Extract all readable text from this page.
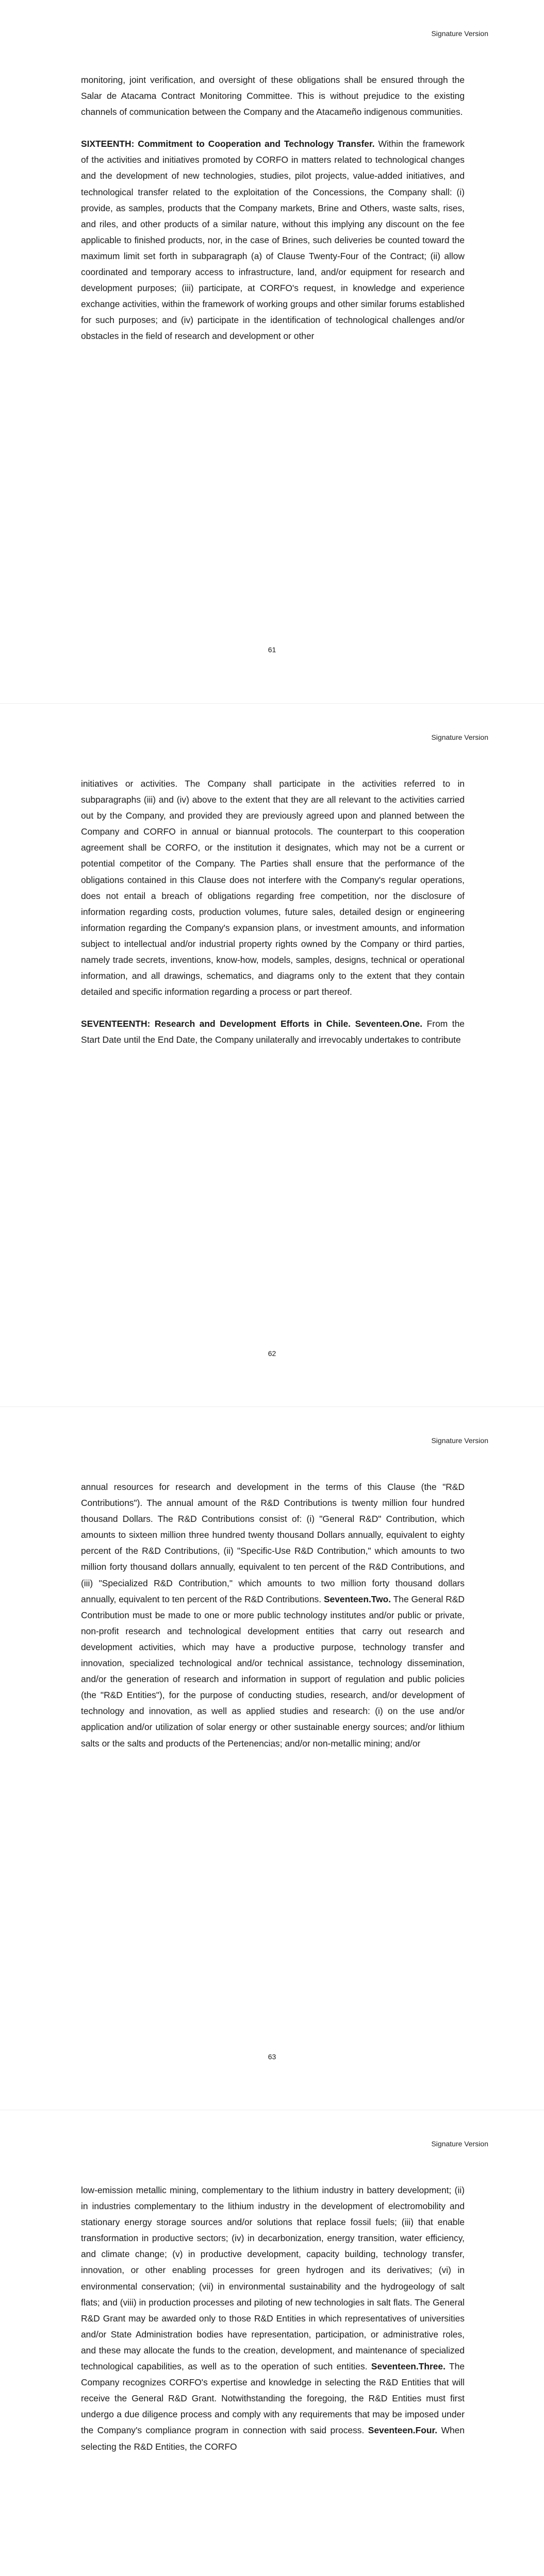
Signature Version

monitoring, joint verification, and oversight of these obligations shall be ensured through the Salar de Atacama Contract Monitoring Committee. This is without prejudice to the existing channels of communication between the Company and the Atacameño indigenous communities.

SIXTEENTH: Commitment to Cooperation and Technology Transfer. Within the framework of the activities and initiatives promoted by CORFO in matters related to technological changes and the development of new technologies, studies, pilot projects, value-added initiatives, and technological transfer related to the exploitation of the Concessions, the Company shall: (i) provide, as samples, products that the Company markets, Brine and Others, waste salts, rises, and riles, and other products of a similar nature, without this implying any discount on the fee applicable to finished products, nor, in the case of Brines, such deliveries be counted toward the maximum limit set forth in subparagraph (a) of Clause Twenty-Four of the Contract; (ii) allow coordinated and temporary access to infrastructure, land, and/or equipment for research and development purposes; (iii) participate, at CORFO's request, in knowledge and experience exchange activities, within the framework of working groups and other similar forums established for such purposes; and (iv) participate in the identification of technological challenges and/or obstacles in the field of research and development or other

61
Signature Version

initiatives or activities. The Company shall participate in the activities referred to in subparagraphs (iii) and (iv) above to the extent that they are all relevant to the activities carried out by the Company, and provided they are previously agreed upon and planned between the Company and CORFO in annual or biannual protocols. The counterpart to this cooperation agreement shall be CORFO, or the institution it designates, which may not be a current or potential competitor of the Company. The Parties shall ensure that the performance of the obligations contained in this Clause does not interfere with the Company's regular operations, does not entail a breach of obligations regarding free competition, nor the disclosure of information regarding costs, production volumes, future sales, detailed design or engineering information regarding the Company's expansion plans, or investment amounts, and information subject to intellectual and/or industrial property rights owned by the Company or third parties, namely trade secrets, inventions, know-how, models, samples, designs, technical or operational information, and all drawings, schematics, and diagrams only to the extent that they contain detailed and specific information regarding a process or part thereof.

SEVENTEENTH: Research and Development Efforts in Chile. Seventeen.One. From the Start Date until the End Date, the Company unilaterally and irrevocably undertakes to contribute

62
Signature Version

annual resources for research and development in the terms of this Clause (the "R&D Contributions"). The annual amount of the R&D Contributions is twenty million four hundred thousand Dollars. The R&D Contributions consist of: (i) "General R&D" Contribution, which amounts to sixteen million three hundred twenty thousand Dollars annually, equivalent to eighty percent of the R&D Contributions, (ii) "Specific-Use R&D Contribution," which amounts to two million forty thousand dollars annually, equivalent to ten percent of the R&D Contributions, and (iii) "Specialized R&D Contribution," which amounts to two million forty thousand dollars annually, equivalent to ten percent of the R&D Contributions. Seventeen.Two. The General R&D Contribution must be made to one or more public technology institutes and/or public or private, non-profit research and technological development entities that carry out research and development activities, which may have a productive purpose, technology transfer and innovation, specialized technological and/or technical assistance, technology dissemination, and/or the generation of research and information in support of regulation and public policies (the "R&D Entities"), for the purpose of conducting studies, research, and/or development of technology and innovation, as well as applied studies and research: (i) on the use and/or application and/or utilization of solar energy or other sustainable energy sources; and/or lithium salts or the salts and products of the Pertenencias; and/or non-metallic mining; and/or

63
Signature Version

low-emission metallic mining, complementary to the lithium industry in battery development; (ii) in industries complementary to the lithium industry in the development of electromobility and stationary energy storage sources and/or solutions that replace fossil fuels; (iii) that enable transformation in productive sectors; (iv) in decarbonization, energy transition, water efficiency, and climate change; (v) in productive development, capacity building, technology transfer, innovation, or other enabling processes for green hydrogen and its derivatives; (vi) in environmental conservation; (vii) in environmental sustainability and the hydrogeology of salt flats; and (viii) in production processes and piloting of new technologies in salt flats. The General R&D Grant may be awarded only to those R&D Entities in which representatives of universities and/or State Administration bodies have representation, participation, or administrative roles, and these may allocate the funds to the creation, development, and maintenance of specialized technological capabilities, as well as to the operation of such entities. Seventeen.Three. The Company recognizes CORFO's expertise and knowledge in selecting the R&D Entities that will receive the General R&D Grant. Notwithstanding the foregoing, the R&D Entities must first undergo a due diligence process and comply with any requirements that may be imposed under the Company's compliance program in connection with said process. Seventeen.Four. When selecting the R&D Entities, the CORFO
